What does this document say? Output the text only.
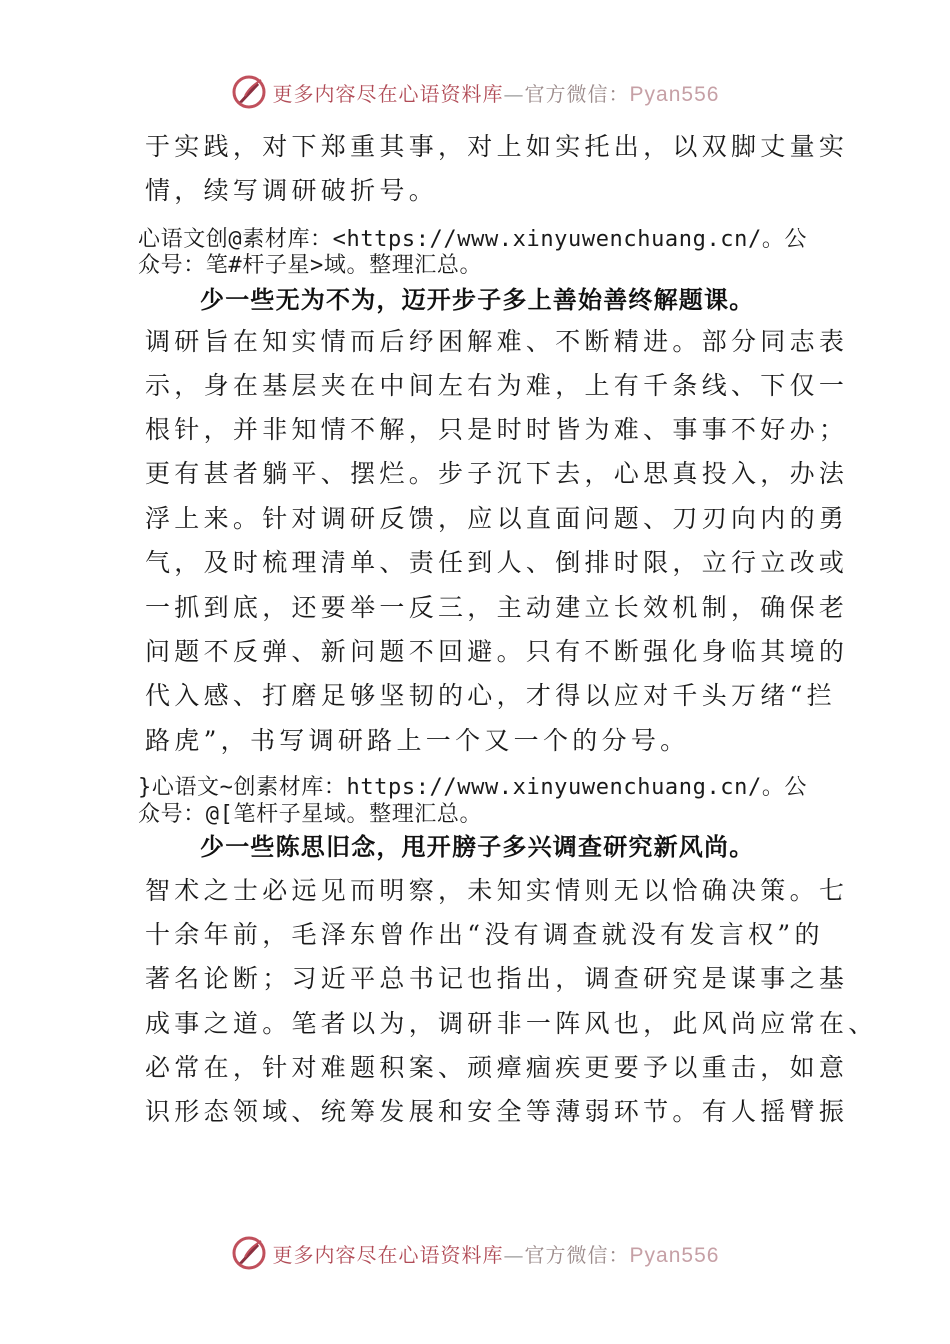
更多内容尽在心语资料库—官方微信：Pyan556
于实践，对下郑重其事，对上如实托出，以双脚丈量实
情，续写调研破折号。
心语文创@素材库：<https://www.xinyuwenchuang.cn/。公
众号：笔#杆子星>域。整理汇总。
少一些无为不为，迈开步子多上善始善终解题课。
调研旨在知实情而后纾困解难、不断精进。部分同志表
示，身在基层夹在中间左右为难，上有千条线、下仅一
根针，并非知情不解，只是时时皆为难、事事不好办；
更有甚者躺平、摆烂。步子沉下去，心思真投入，办法
浮上来。针对调研反馈，应以直面问题、刀刃向内的勇
气，及时梳理清单、责任到人、倒排时限，立行立改或
一抓到底，还要举一反三，主动建立长效机制，确保老
问题不反弹、新问题不回避。只有不断强化身临其境的
代入感、打磨足够坚韧的心，才得以应对千头万绪“拦
路虎”，书写调研路上一个又一个的分号。
}心语文~创素材库：https://www.xinyuwenchuang.cn/。公
众号：@[笔杆子星域。整理汇总。
少一些陈思旧念，甩开膀子多兴调查研究新风尚。
智术之士必远见而明察，未知实情则无以恰确决策。七
十余年前，毛泽东曾作出“没有调查就没有发言权”的
著名论断；习近平总书记也指出，调查研究是谋事之基
成事之道。笔者以为，调研非一阵风也，此风尚应常在、
必常在，针对难题积案、顽瘴痼疾更要予以重击，如意
识形态领域、统筹发展和安全等薄弱环节。有人摇臂振
更多内容尽在心语资料库—官方微信：Pyan556
